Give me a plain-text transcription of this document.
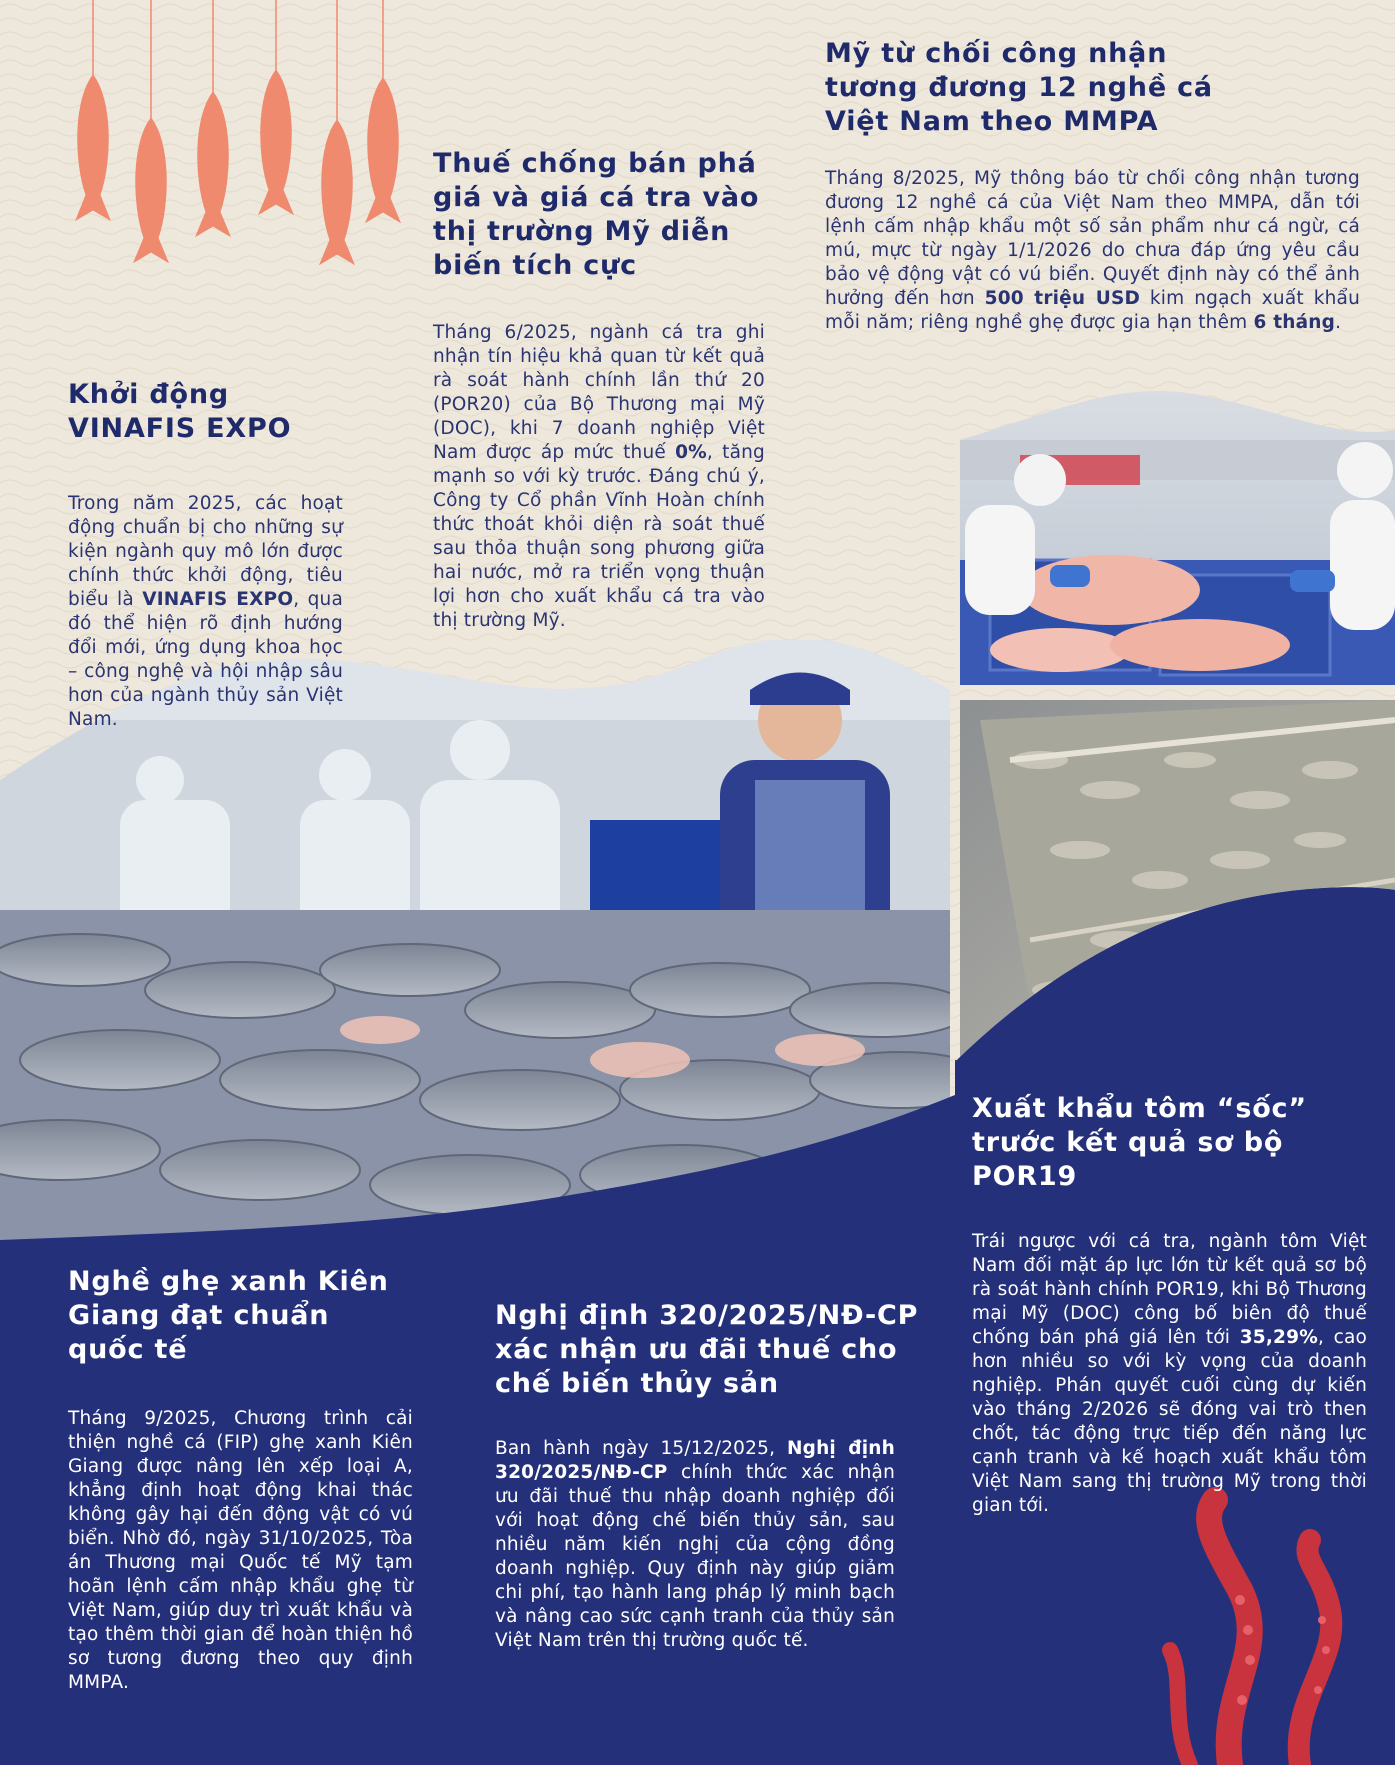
Khởi động
VINAFIS EXPO

Trong năm 2025, các hoạt động chuẩn bị cho những sự kiện ngành quy mô lớn được chính thức khởi động, tiêu biểu là VINAFIS EXPO, qua đó thể hiện rõ định hướng đổi mới, ứng dụng khoa học – công nghệ và hội nhập sâu hơn của ngành thủy sản Việt Nam.

Thuế chống bán phá giá và giá cá tra vào thị trường Mỹ diễn biến tích cực

Tháng 6/2025, ngành cá tra ghi nhận tín hiệu khả quan từ kết quả rà soát hành chính lần thứ 20 (POR20) của Bộ Thương mại Mỹ (DOC), khi 7 doanh nghiệp Việt Nam được áp mức thuế 0%, tăng mạnh so với kỳ trước. Đáng chú ý, Công ty Cổ phần Vĩnh Hoàn chính thức thoát khỏi diện rà soát thuế sau thỏa thuận song phương giữa hai nước, mở ra triển vọng thuận lợi hơn cho xuất khẩu cá tra vào thị trường Mỹ.

Mỹ từ chối công nhận tương đương 12 nghề cá Việt Nam theo MMPA

Tháng 8/2025, Mỹ thông báo từ chối công nhận tương đương 12 nghề cá của Việt Nam theo MMPA, dẫn tới lệnh cấm nhập khẩu một số sản phẩm như cá ngừ, cá mú, mực từ ngày 1/1/2026 do chưa đáp ứng yêu cầu bảo vệ động vật có vú biển. Quyết định này có thể ảnh hưởng đến hơn 500 triệu USD kim ngạch xuất khẩu mỗi năm; riêng nghề ghẹ được gia hạn thêm 6 tháng.

Xuất khẩu tôm “sốc” trước kết quả sơ bộ POR19

Trái ngược với cá tra, ngành tôm Việt Nam đối mặt áp lực lớn từ kết quả sơ bộ rà soát hành chính POR19, khi Bộ Thương mại Mỹ (DOC) công bố biên độ thuế chống bán phá giá lên tới 35,29%, cao hơn nhiều so với kỳ vọng của doanh nghiệp. Phán quyết cuối cùng dự kiến vào tháng 2/2026 sẽ đóng vai trò then chốt, tác động trực tiếp đến năng lực cạnh tranh và kế hoạch xuất khẩu tôm Việt Nam sang thị trường Mỹ trong thời gian tới.

Nghề ghẹ xanh Kiên Giang đạt chuẩn quốc tế

Tháng 9/2025, Chương trình cải thiện nghề cá (FIP) ghẹ xanh Kiên Giang được nâng lên xếp loại A, khẳng định hoạt động khai thác không gây hại đến động vật có vú biển. Nhờ đó, ngày 31/10/2025, Tòa án Thương mại Quốc tế Mỹ tạm hoãn lệnh cấm nhập khẩu ghẹ từ Việt Nam, giúp duy trì xuất khẩu và tạo thêm thời gian để hoàn thiện hồ sơ tương đương theo quy định MMPA.

Nghị định 320/2025/NĐ-CP xác nhận ưu đãi thuế cho chế biến thủy sản

Ban hành ngày 15/12/2025, Nghị định 320/2025/NĐ-CP chính thức xác nhận ưu đãi thuế thu nhập doanh nghiệp đối với hoạt động chế biến thủy sản, sau nhiều năm kiến nghị của cộng đồng doanh nghiệp. Quy định này giúp giảm chi phí, tạo hành lang pháp lý minh bạch và nâng cao sức cạnh tranh của thủy sản Việt Nam trên thị trường quốc tế.
